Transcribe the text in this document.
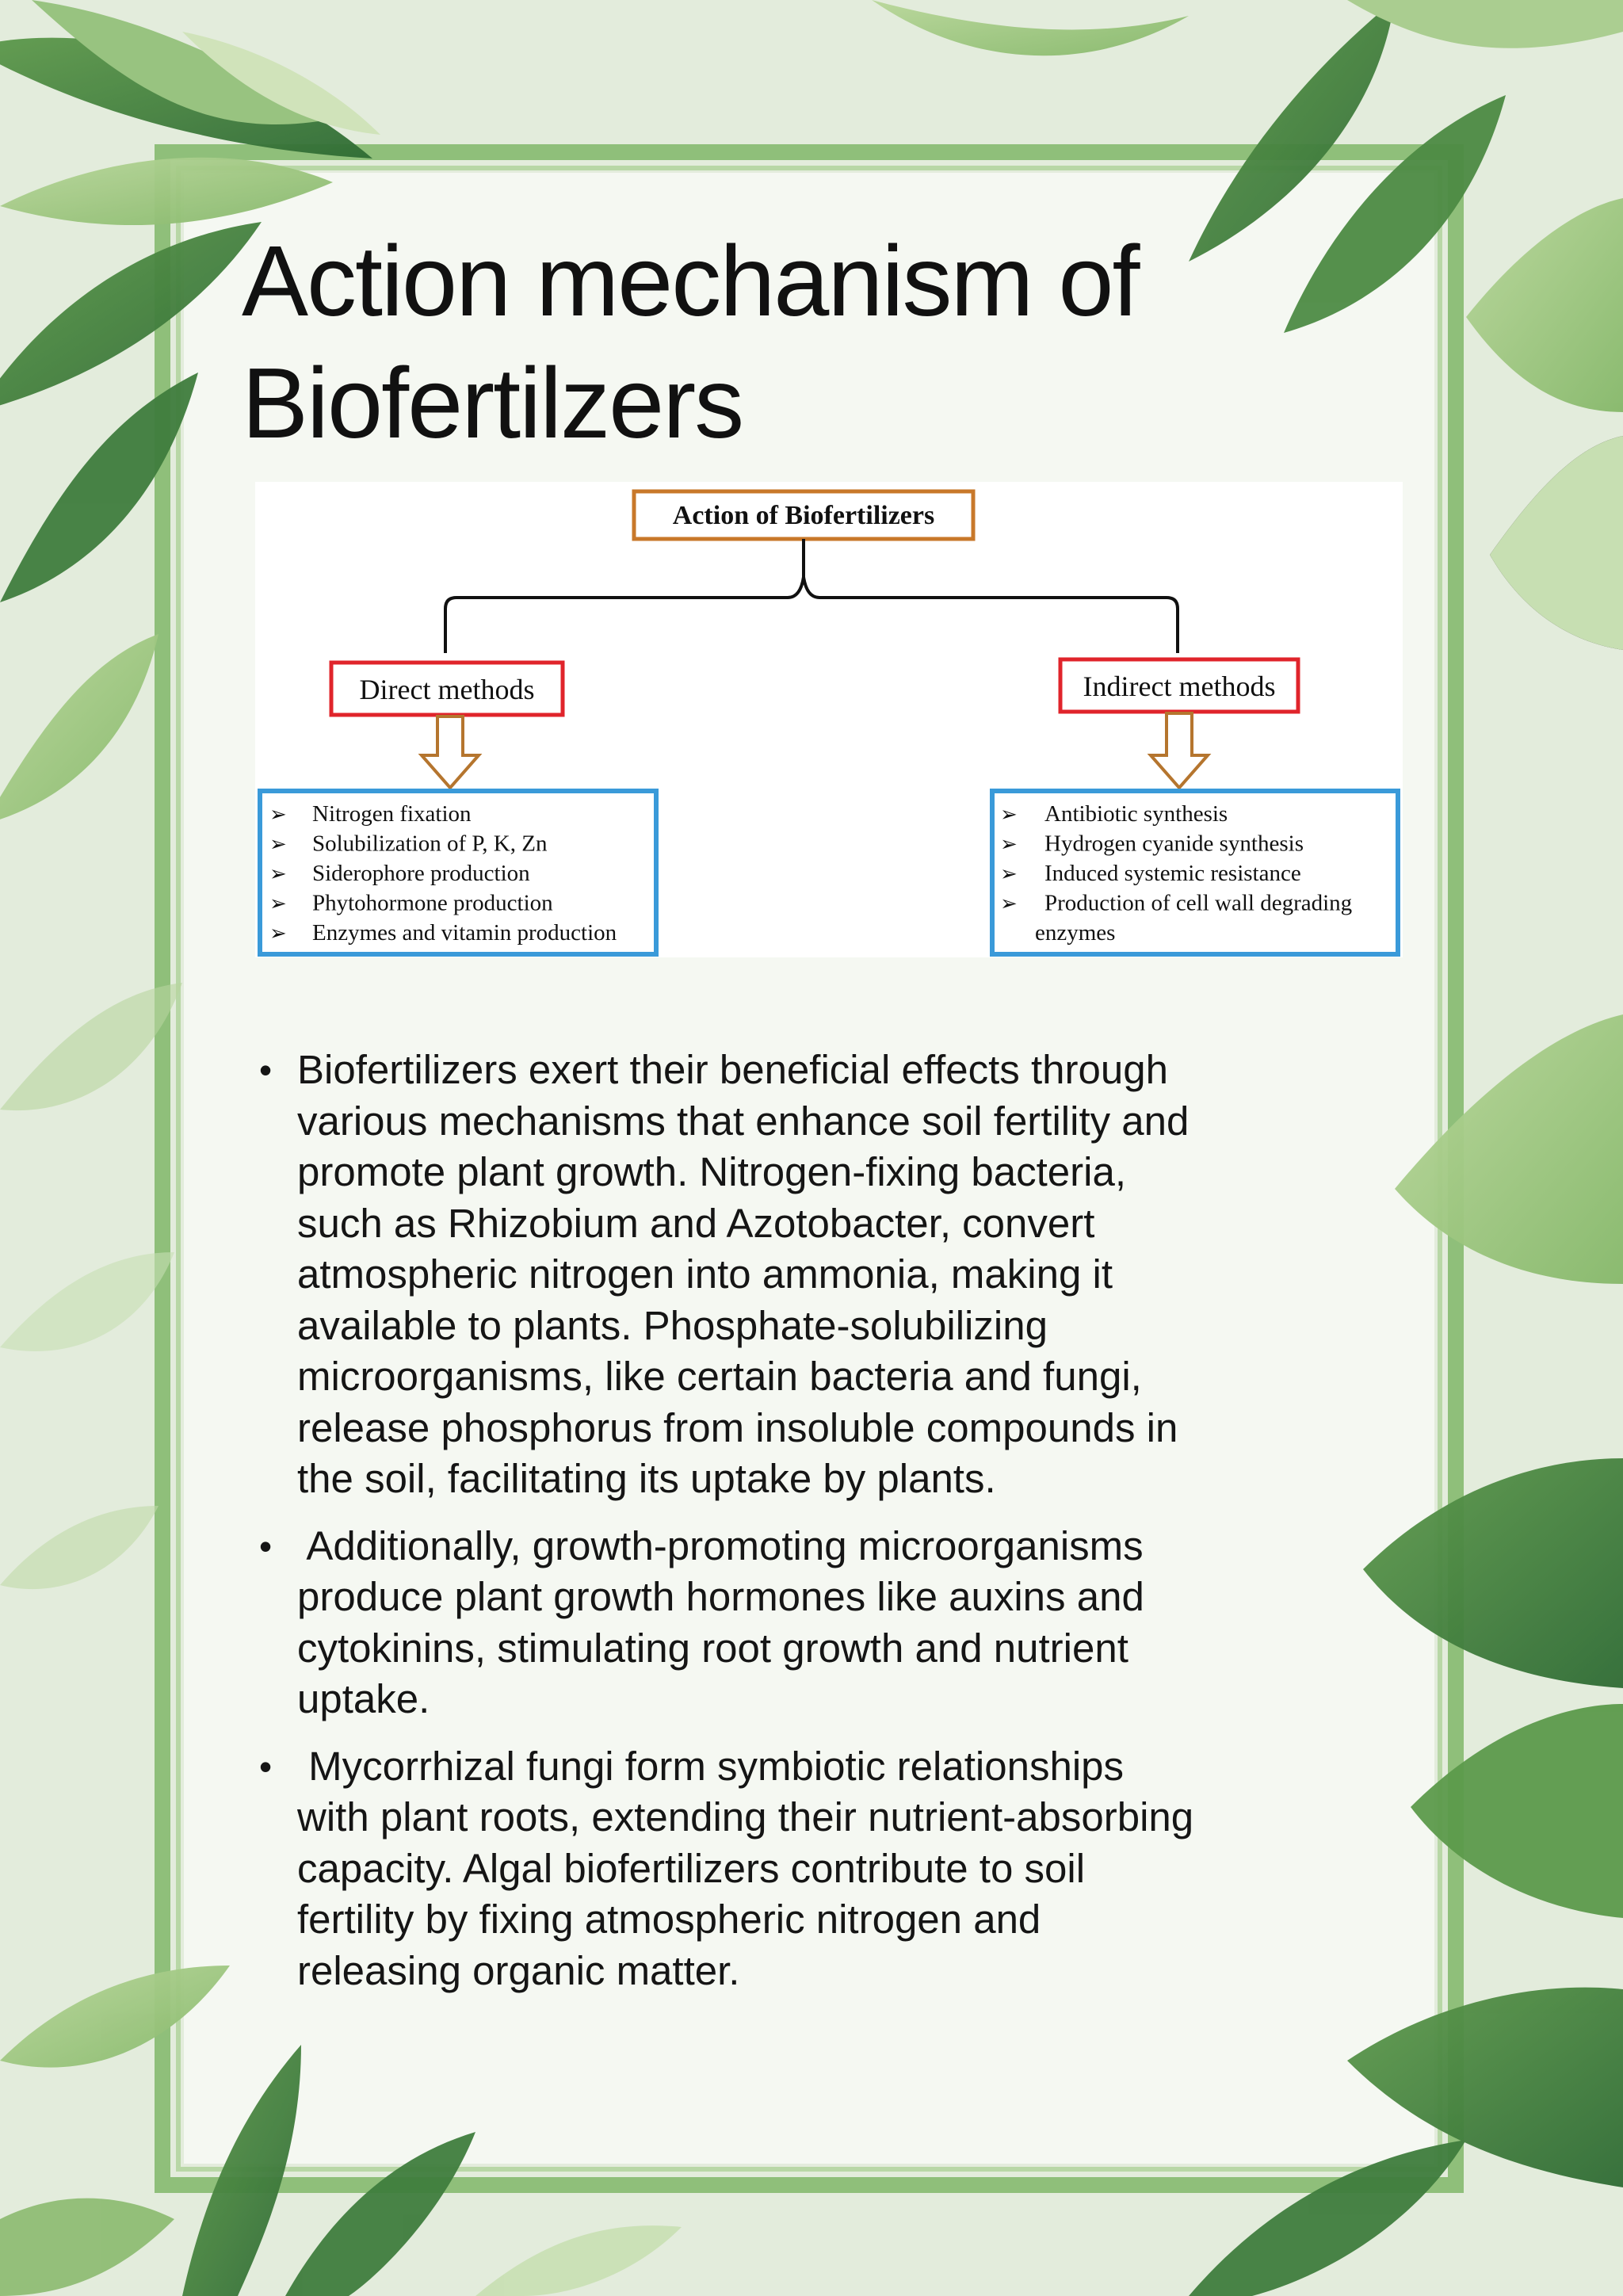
Action mechanism of
Biofertilzers
Action of Biofertilizers
Direct methods	Indirect methods
➢ Nitrogen fixation
➢ Solubilization of P, K, Zn
➢ Siderophore production
➢ Phytohormone production
➢ Enzymes and vitamin production
➢ Antibiotic synthesis
➢ Hydrogen cyanide synthesis
➢ Induced systemic resistance
➢ Production of cell wall degrading
enzymes
• Biofertilizers exert their beneficial effects through
various mechanisms that enhance soil fertility and
promote plant growth. Nitrogen-fixing bacteria,
such as Rhizobium and Azotobacter, convert
atmospheric nitrogen into ammonia, making it
available to plants. Phosphate-solubilizing
microorganisms, like certain bacteria and fungi,
release phosphorus from insoluble compounds in
the soil, facilitating its uptake by plants.
• Additionally, growth-promoting microorganisms
produce plant growth hormones like auxins and
cytokinins, stimulating root growth and nutrient
uptake.
• Mycorrhizal fungi form symbiotic relationships
with plant roots, extending their nutrient-absorbing
capacity. Algal biofertilizers contribute to soil
fertility by fixing atmospheric nitrogen and
releasing organic matter.
